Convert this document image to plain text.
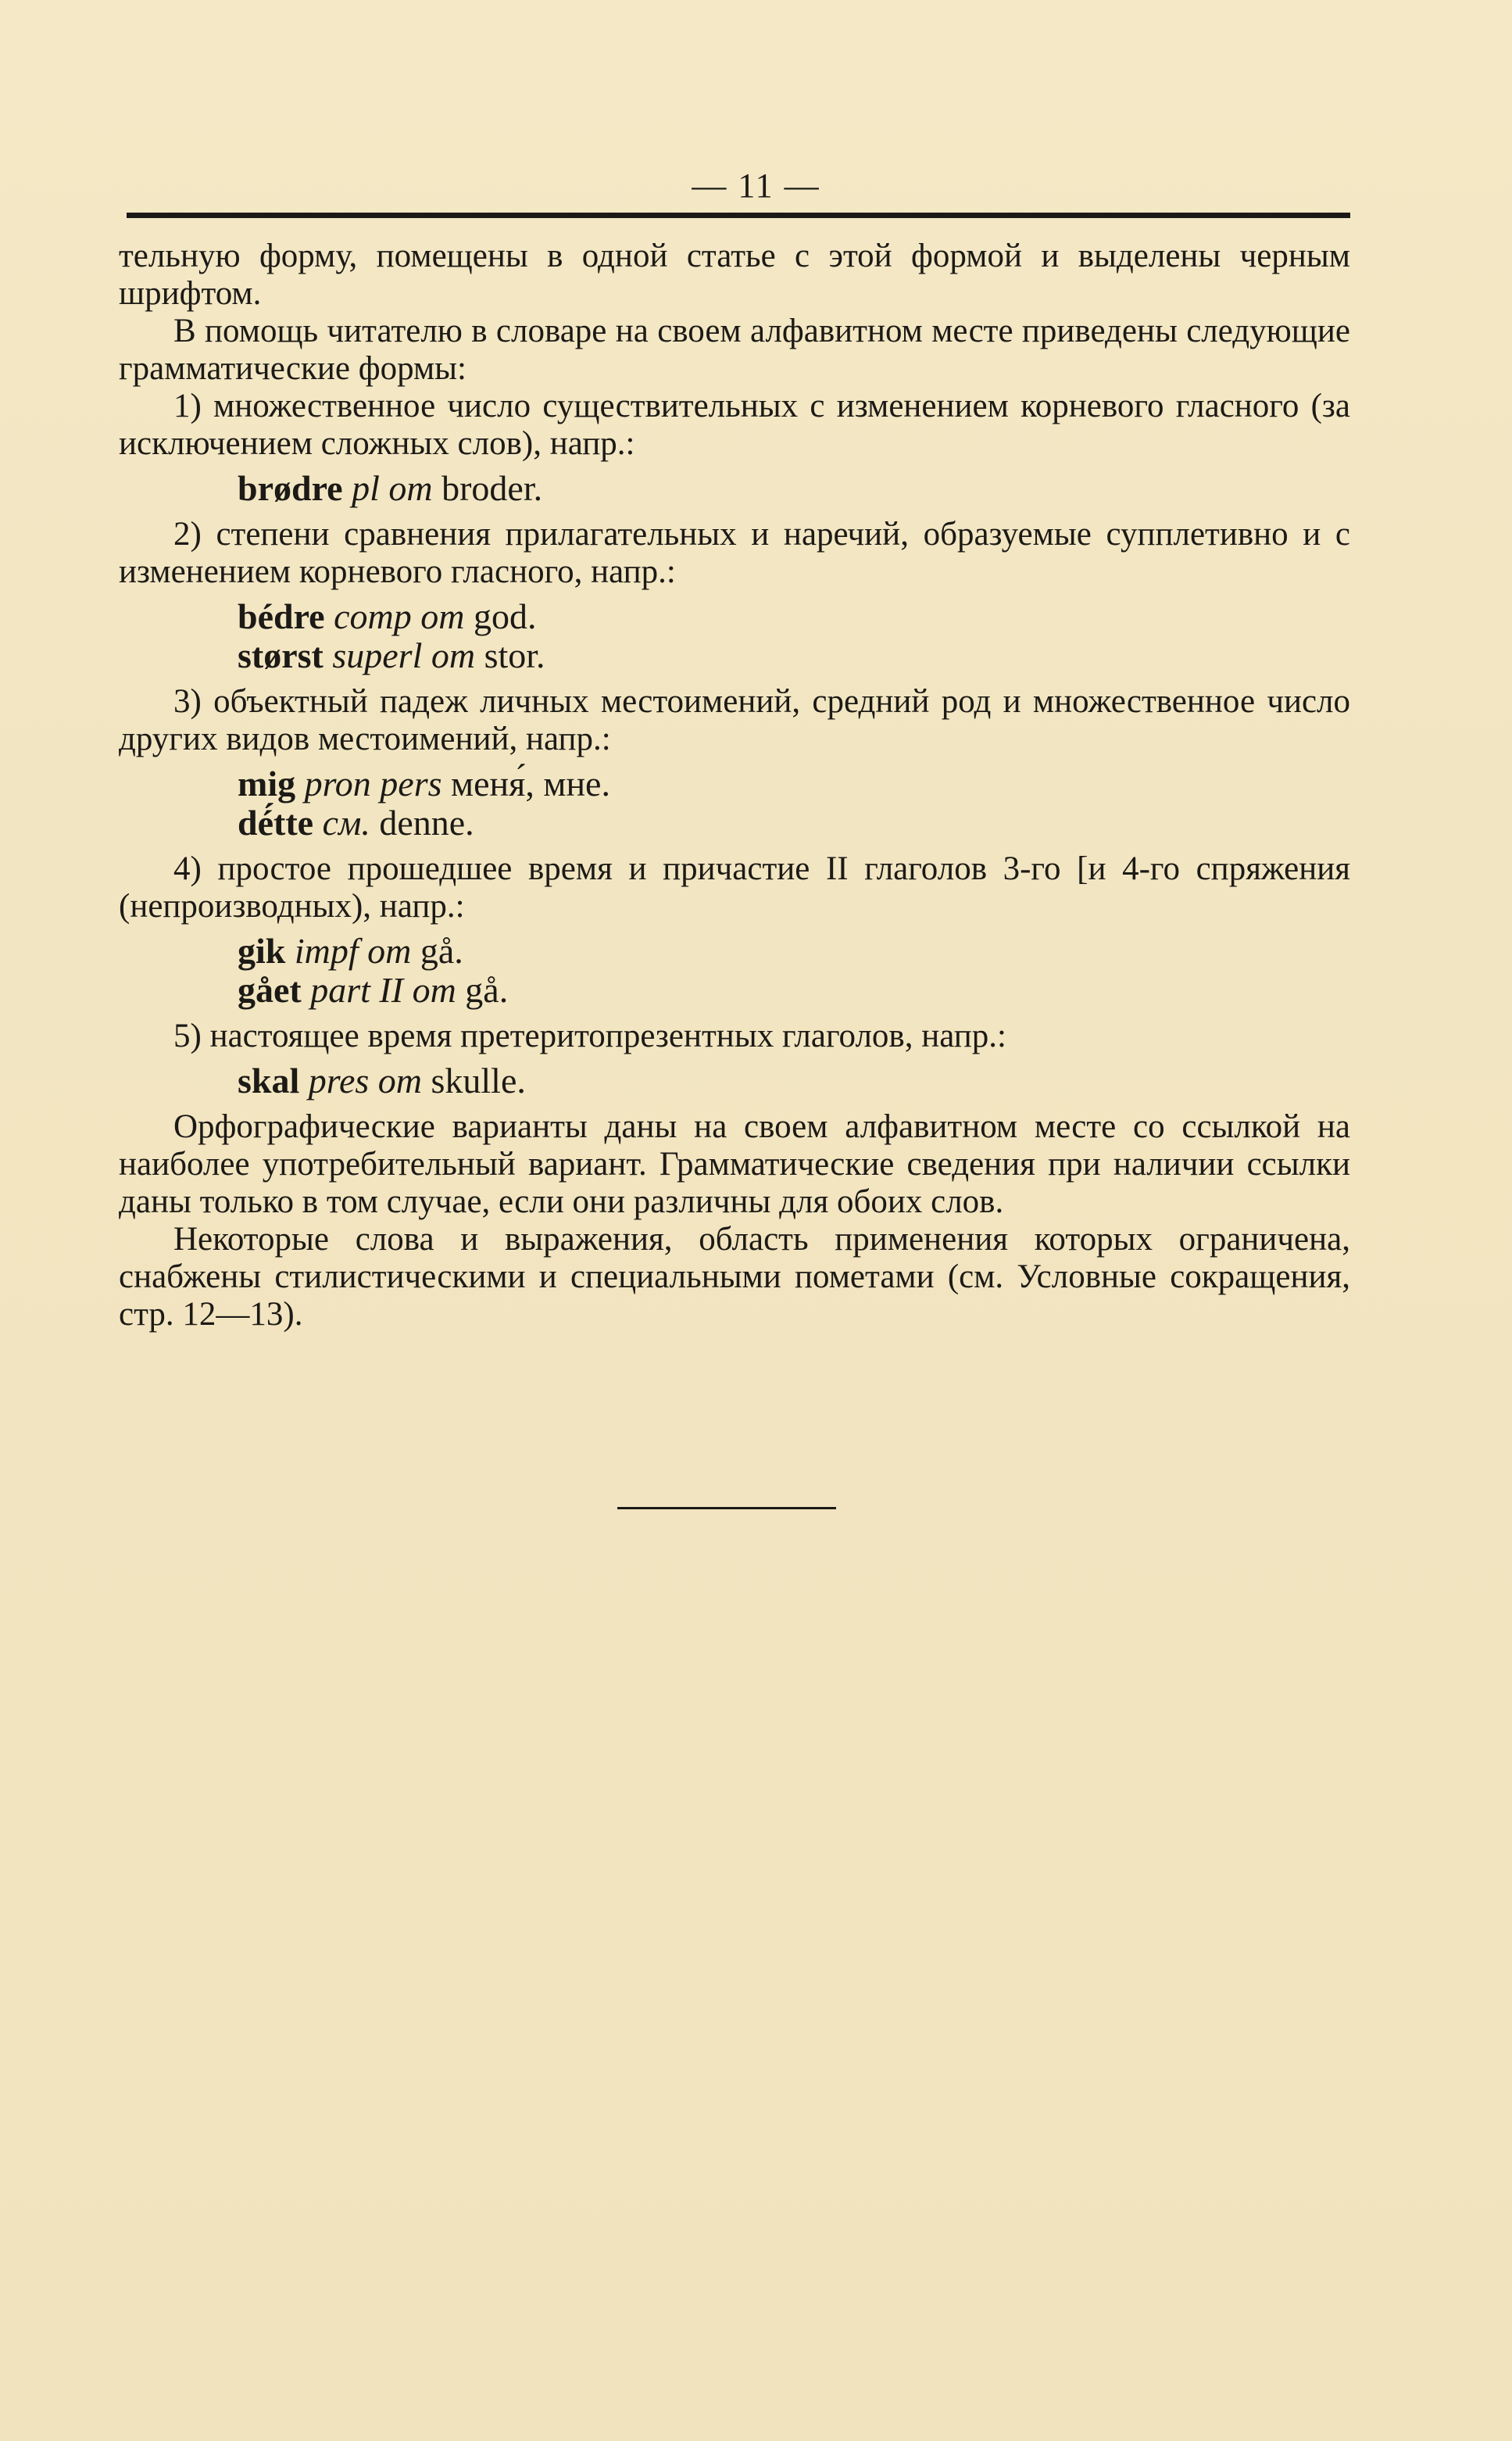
— 11 —

тельную форму, помещены в одной статье с этой формой и выделены черным шрифтом.

В помощь читателю в словаре на своем алфавитном месте приведены следующие грамматические формы:

1) множественное число существительных с изменением корневого гласного (за исключением сложных слов), напр.:

brødre pl om broder.

2) степени сравнения прилагательных и наречий, образуемые супплетивно и с изменением корневого гласного, напр.:

bédre comp om god.
størst superl om stor.

3) объектный падеж личных местоимений, средний род и множественное число других видов местоимений, напр.:

mig pron pers меня́, мне.
dé́tte см. denne.

4) простое прошедшее время и причастие II глаголов 3-го [и 4-го спряжения (непроизводных), напр.:

gik impf om gå.
gået part II om gå.

5) настоящее время претеритопрезентных глаголов, напр.:

skal pres om skulle.

Орфографические варианты даны на своем алфавитном месте со ссылкой на наиболее употребительный вариант. Грамматические сведения при наличии ссылки даны только в том случае, если они различны для обоих слов.

Некоторые слова и выражения, область применения которых ограничена, снабжены стилистическими и специальными пометами (см. Условные сокращения, стр. 12—13).
